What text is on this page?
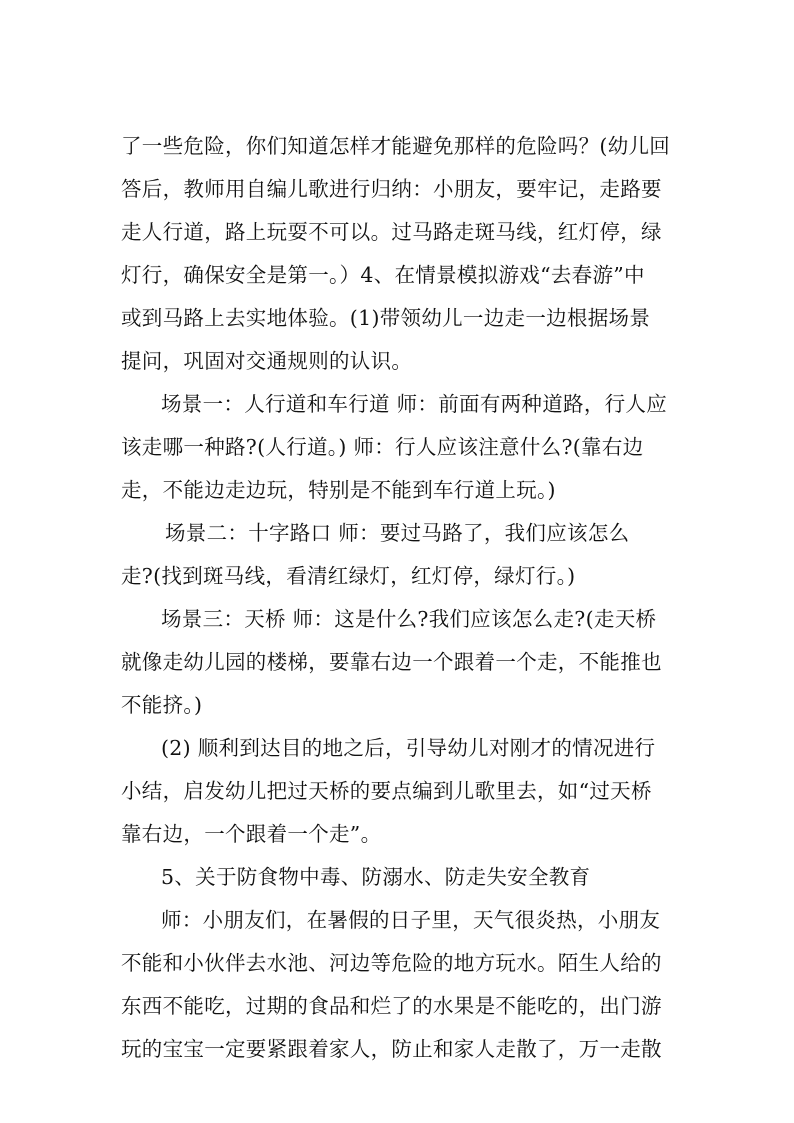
了一些危险，你们知道怎样才能避免那样的危险吗？(幼儿回
答后，教师用自编儿歌进行归纳：小朋友，要牢记，走路要
走人行道，路上玩耍不可以。过马路走斑马线，红灯停，绿
灯行，确保安全是第一。）4、在情景模拟游戏“去春游”中
或到马路上去实地体验。(1)带领幼儿一边走一边根据场景
提问，巩固对交通规则的认识。
场景一：人行道和车行道 师：前面有两种道路，行人应
该走哪一种路?(人行道。) 师：行人应该注意什么?(靠右边
走，不能边走边玩，特别是不能到车行道上玩。)
场景二：十字路口 师：要过马路了，我们应该怎么
走?(找到斑马线，看清红绿灯，红灯停，绿灯行。)
场景三：天桥 师：这是什么?我们应该怎么走?(走天桥
就像走幼儿园的楼梯，要靠右边一个跟着一个走，不能推也
不能挤。)
(2) 顺利到达目的地之后，引导幼儿对刚才的情况进行
小结，启发幼儿把过天桥的要点编到儿歌里去，如“过天桥
靠右边，一个跟着一个走”。
5、关于防食物中毒、防溺水、防走失安全教育
师：小朋友们，在暑假的日子里，天气很炎热，小朋友
不能和小伙伴去水池、河边等危险的地方玩水。陌生人给的
东西不能吃，过期的食品和烂了的水果是不能吃的，出门游
玩的宝宝一定要紧跟着家人，防止和家人走散了，万一走散
